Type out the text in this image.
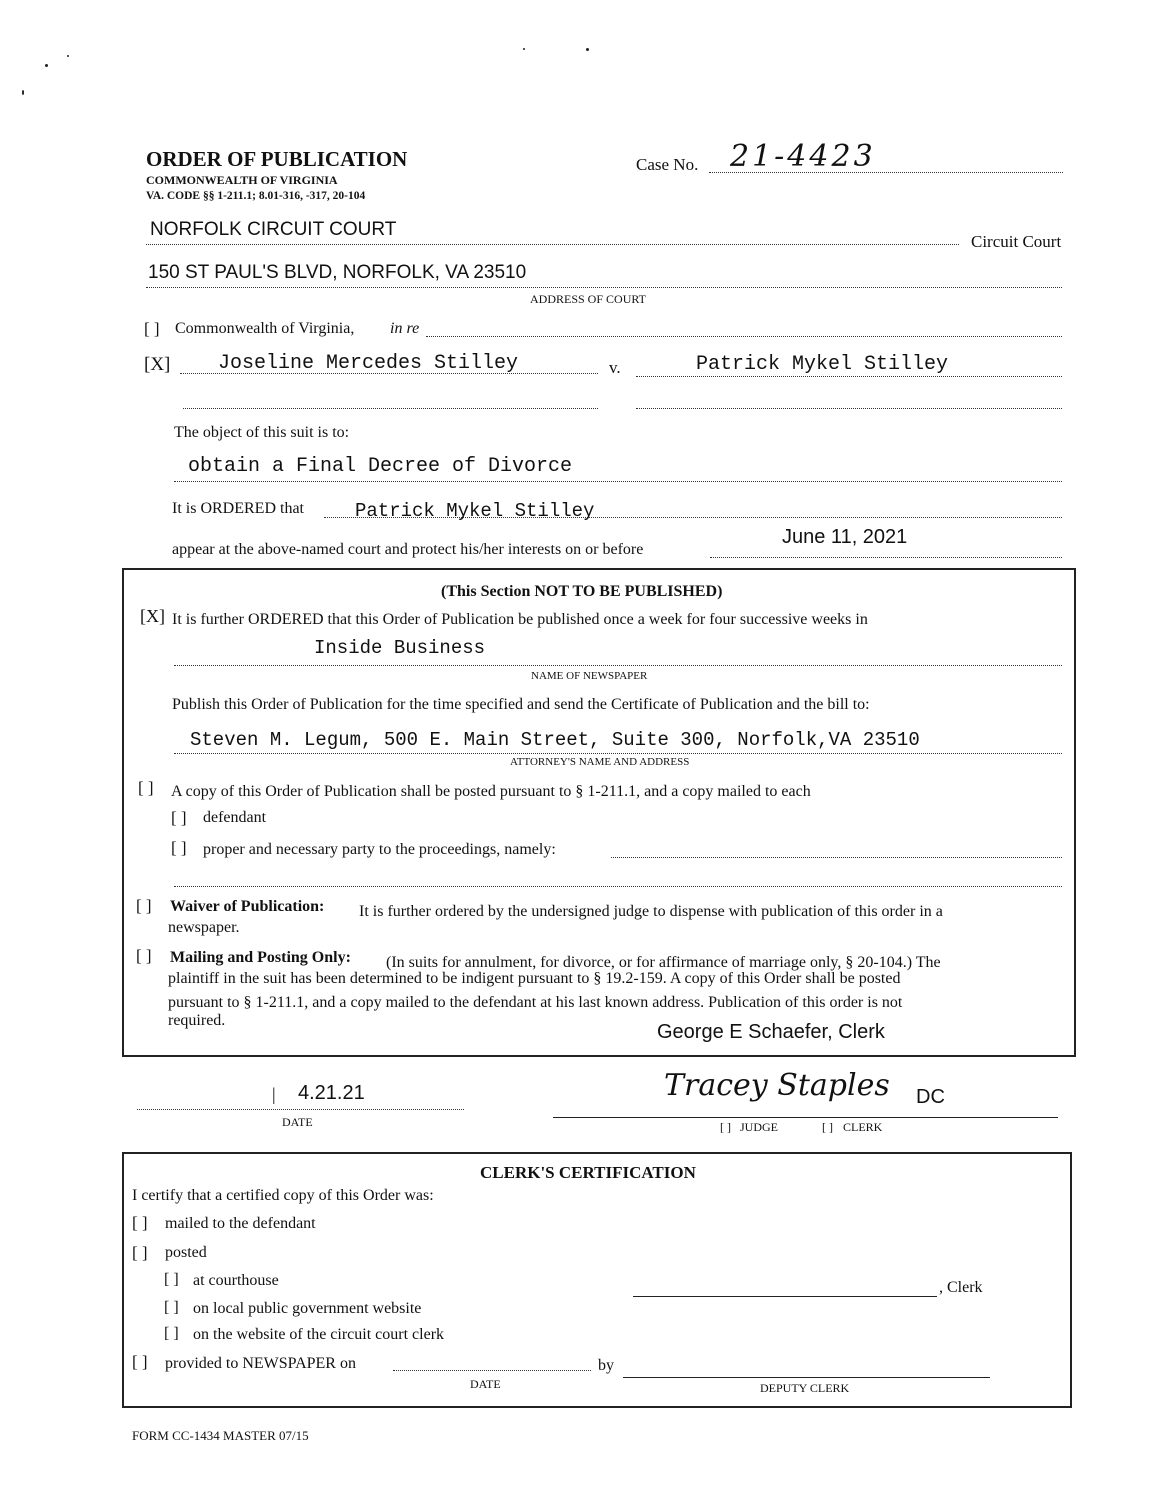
ORDER OF PUBLICATION
COMMONWEALTH OF VIRGINIA
VA. CODE §§ 1-211.1; 8.01-316, -317, 20-104
Case No. 21-4423
NORFOLK CIRCUIT COURT
Circuit Court
150 ST PAUL'S BLVD, NORFOLK, VA 23510
ADDRESS OF COURT
[ ] Commonwealth of Virginia, in re
[X] Joseline Mercedes Stilley	v.	Patrick Mykel Stilley
The object of this suit is to:
obtain a Final Decree of Divorce
It is ORDERED that	Patrick Mykel Stilley
appear at the above-named court and protect his/her interests on or before
June 11, 2021
(This Section NOT TO BE PUBLISHED)
[X] It is further ORDERED that this Order of Publication be published once a week for four successive weeks in
Inside Business
NAME OF NEWSPAPER
Publish this Order of Publication for the time specified and send the Certificate of Publication and the bill to:
Steven M. Legum, 500 E. Main Street, Suite 300, Norfolk,VA 23510
ATTORNEY'S NAME AND ADDRESS
[ ] A copy of this Order of Publication shall be posted pursuant to § 1-211.1, and a copy mailed to each
[ ] defendant
[ ] proper and necessary party to the proceedings, namely:
[ ] Waiver of Publication: It is further ordered by the undersigned judge to dispense with publication of this order in a
newspaper.
[ ] Mailing and Posting Only: (In suits for annulment, for divorce, or for affirmance of marriage only, § 20-104.) The
plaintiff in the suit has been determined to be indigent pursuant to § 19.2-159. A copy of this Order shall be posted
pursuant to § 1-211.1, and a copy mailed to the defendant at his last known address. Publication of this order is not
required.
George E Schaefer, Clerk
| 4.21.21
DATE
Tracey Staples DC
[ ] JUDGE	[ ] CLERK
CLERK'S CERTIFICATION
I certify that a certified copy of this Order was:
[ ] mailed to the defendant
[ ] posted
[ ] at courthouse	, Clerk
[ ] on local public government website
[ ] on the website of the circuit court clerk
[ ] provided to NEWSPAPER on	by
DATE	DEPUTY CLERK
FORM CC-1434 MASTER 07/15
